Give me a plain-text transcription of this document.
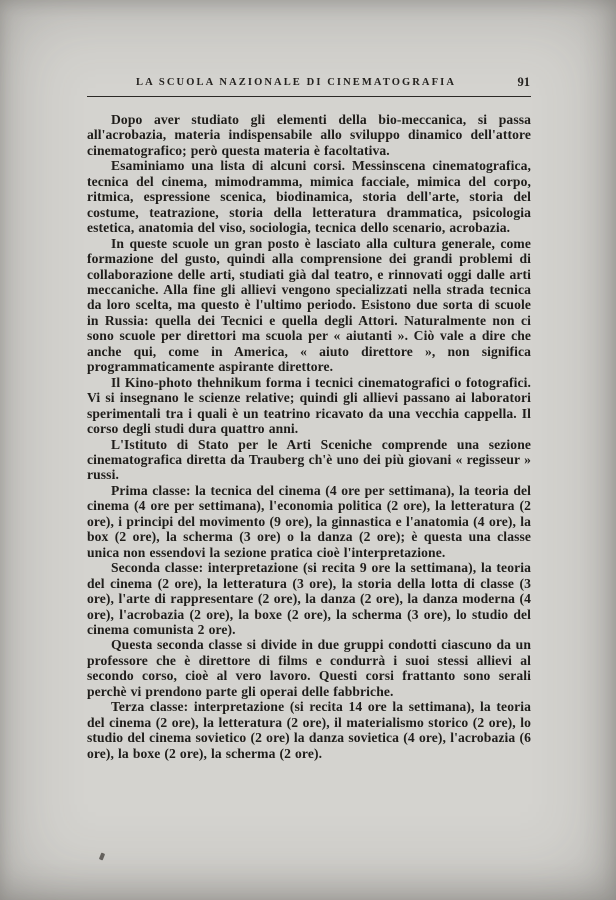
LA SCUOLA NAZIONALE DI CINEMATOGRAFIA	91

Dopo aver studiato gli elementi della bio-meccanica, si passa all'acrobazia, materia indispensabile allo sviluppo dinamico dell'attore cinematografico; però questa materia è facoltativa.

Esaminiamo una lista di alcuni corsi. Messinscena cinematografica, tecnica del cinema, mimodramma, mimica facciale, mimica del corpo, ritmica, espressione scenica, biodinamica, storia dell'arte, storia del costume, teatrazione, storia della letteratura drammatica, psicologia estetica, anatomia del viso, sociologia, tecnica dello scenario, acrobazia.

In queste scuole un gran posto è lasciato alla cultura generale, come formazione del gusto, quindi alla comprensione dei grandi problemi di collaborazione delle arti, studiati già dal teatro, e rinnovati oggi dalle arti meccaniche. Alla fine gli allievi vengono specializzati nella strada tecnica da loro scelta, ma questo è l'ultimo periodo. Esistono due sorta di scuole in Russia: quella dei Tecnici e quella degli Attori. Naturalmente non ci sono scuole per direttori ma scuola per « aiutanti ». Ciò vale a dire che anche qui, come in America, « aiuto direttore », non significa programmaticamente aspirante direttore.

Il Kino-photo thehnikum forma i tecnici cinematografici o fotografici. Vi si insegnano le scienze relative; quindi gli allievi passano ai laboratori sperimentali tra i quali è un teatrino ricavato da una vecchia cappella. Il corso degli studi dura quattro anni.

L'Istituto di Stato per le Arti Sceniche comprende una sezione cinematografica diretta da Trauberg ch'è uno dei più giovani « regisseur » russi.

Prima classe: la tecnica del cinema (4 ore per settimana), la teoria del cinema (4 ore per settimana), l'economia politica (2 ore), la letteratura (2 ore), i principi del movimento (9 ore), la ginnastica e l'anatomia (4 ore), la box (2 ore), la scherma (3 ore) o la danza (2 ore); è questa una classe unica non essendovi la sezione pratica cioè l'interpretazione.

Seconda classe: interpretazione (si recita 9 ore la settimana), la teoria del cinema (2 ore), la letteratura (3 ore), la storia della lotta di classe (3 ore), l'arte di rappresentare (2 ore), la danza (2 ore), la danza moderna (4 ore), l'acrobazia (2 ore), la boxe (2 ore), la scherma (3 ore), lo studio del cinema comunista 2 ore).

Questa seconda classe si divide in due gruppi condotti ciascuno da un professore che è direttore di films e condurrà i suoi stessi allievi al secondo corso, cioè al vero lavoro. Questi corsi frattanto sono serali perchè vi prendono parte gli operai delle fabbriche.

Terza classe: interpretazione (si recita 14 ore la settimana), la teoria del cinema (2 ore), la letteratura (2 ore), il materialismo storico (2 ore), lo studio del cinema sovietico (2 ore) la danza sovietica (4 ore), l'acrobazia (6 ore), la boxe (2 ore), la scherma (2 ore).
